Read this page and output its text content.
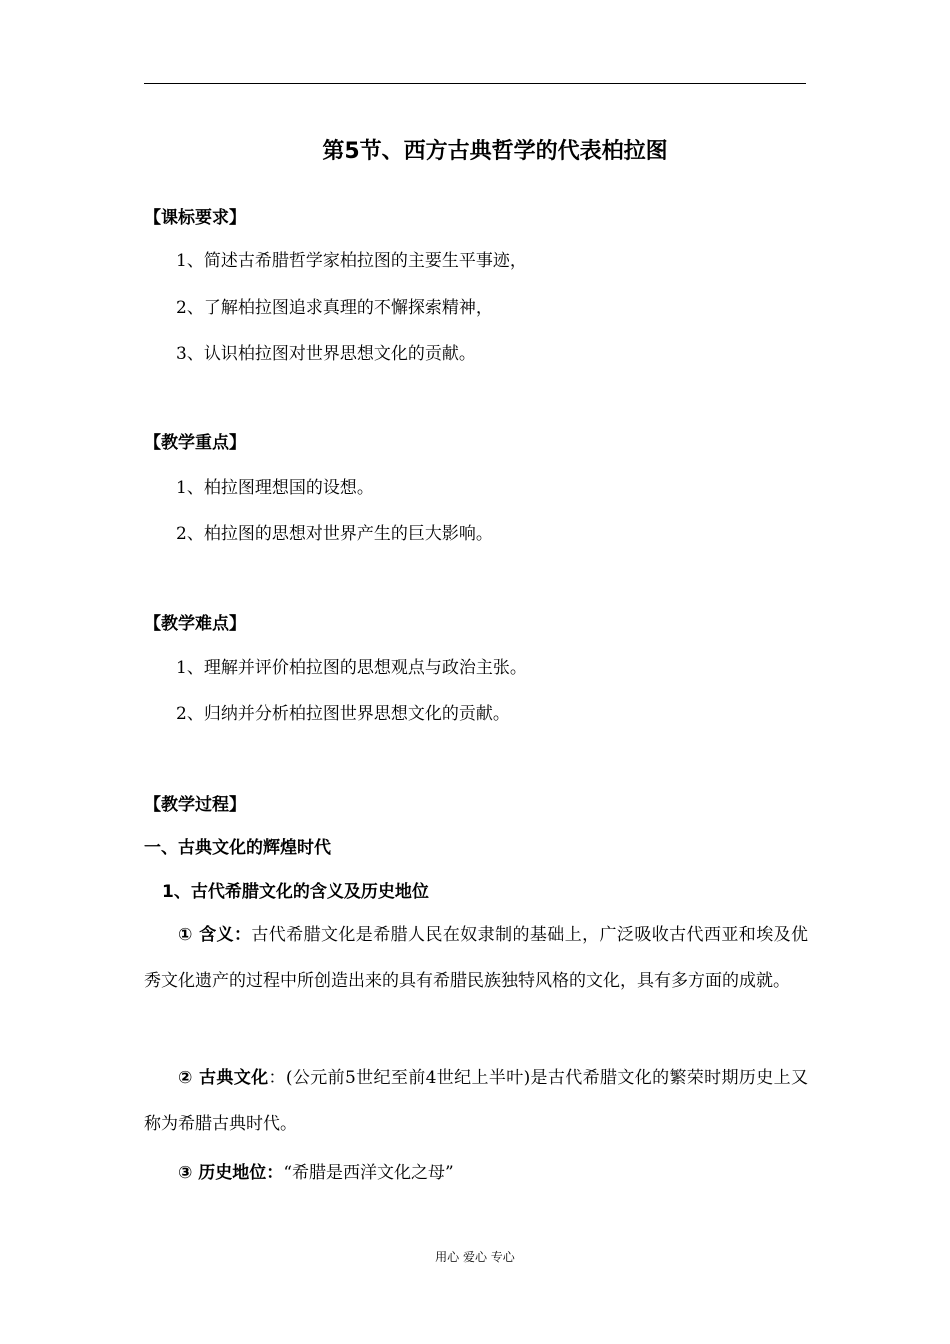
第5节、西方古典哲学的代表柏拉图
【课标要求】
1、简述古希腊哲学家柏拉图的主要生平事迹，
2、了解柏拉图追求真理的不懈探索精神，
3、认识柏拉图对世界思想文化的贡献。
【教学重点】
1、柏拉图理想国的设想。
2、柏拉图的思想对世界产生的巨大影响。
【教学难点】
1、理解并评价柏拉图的思想观点与政治主张。
2、归纳并分析柏拉图世界思想文化的贡献。
【教学过程】
一、古典文化的辉煌时代
1、古代希腊文化的含义及历史地位
① 含义：古代希腊文化是希腊人民在奴隶制的基础上，广泛吸收古代西亚和埃及优秀文化遗产的过程中所创造出来的具有希腊民族独特风格的文化，具有多方面的成就。
② 古典文化：(公元前5世纪至前4世纪上半叶)是古代希腊文化的繁荣时期历史上又称为希腊古典时代。
③ 历史地位：“希腊是西洋文化之母”
用心 爱心 专心
